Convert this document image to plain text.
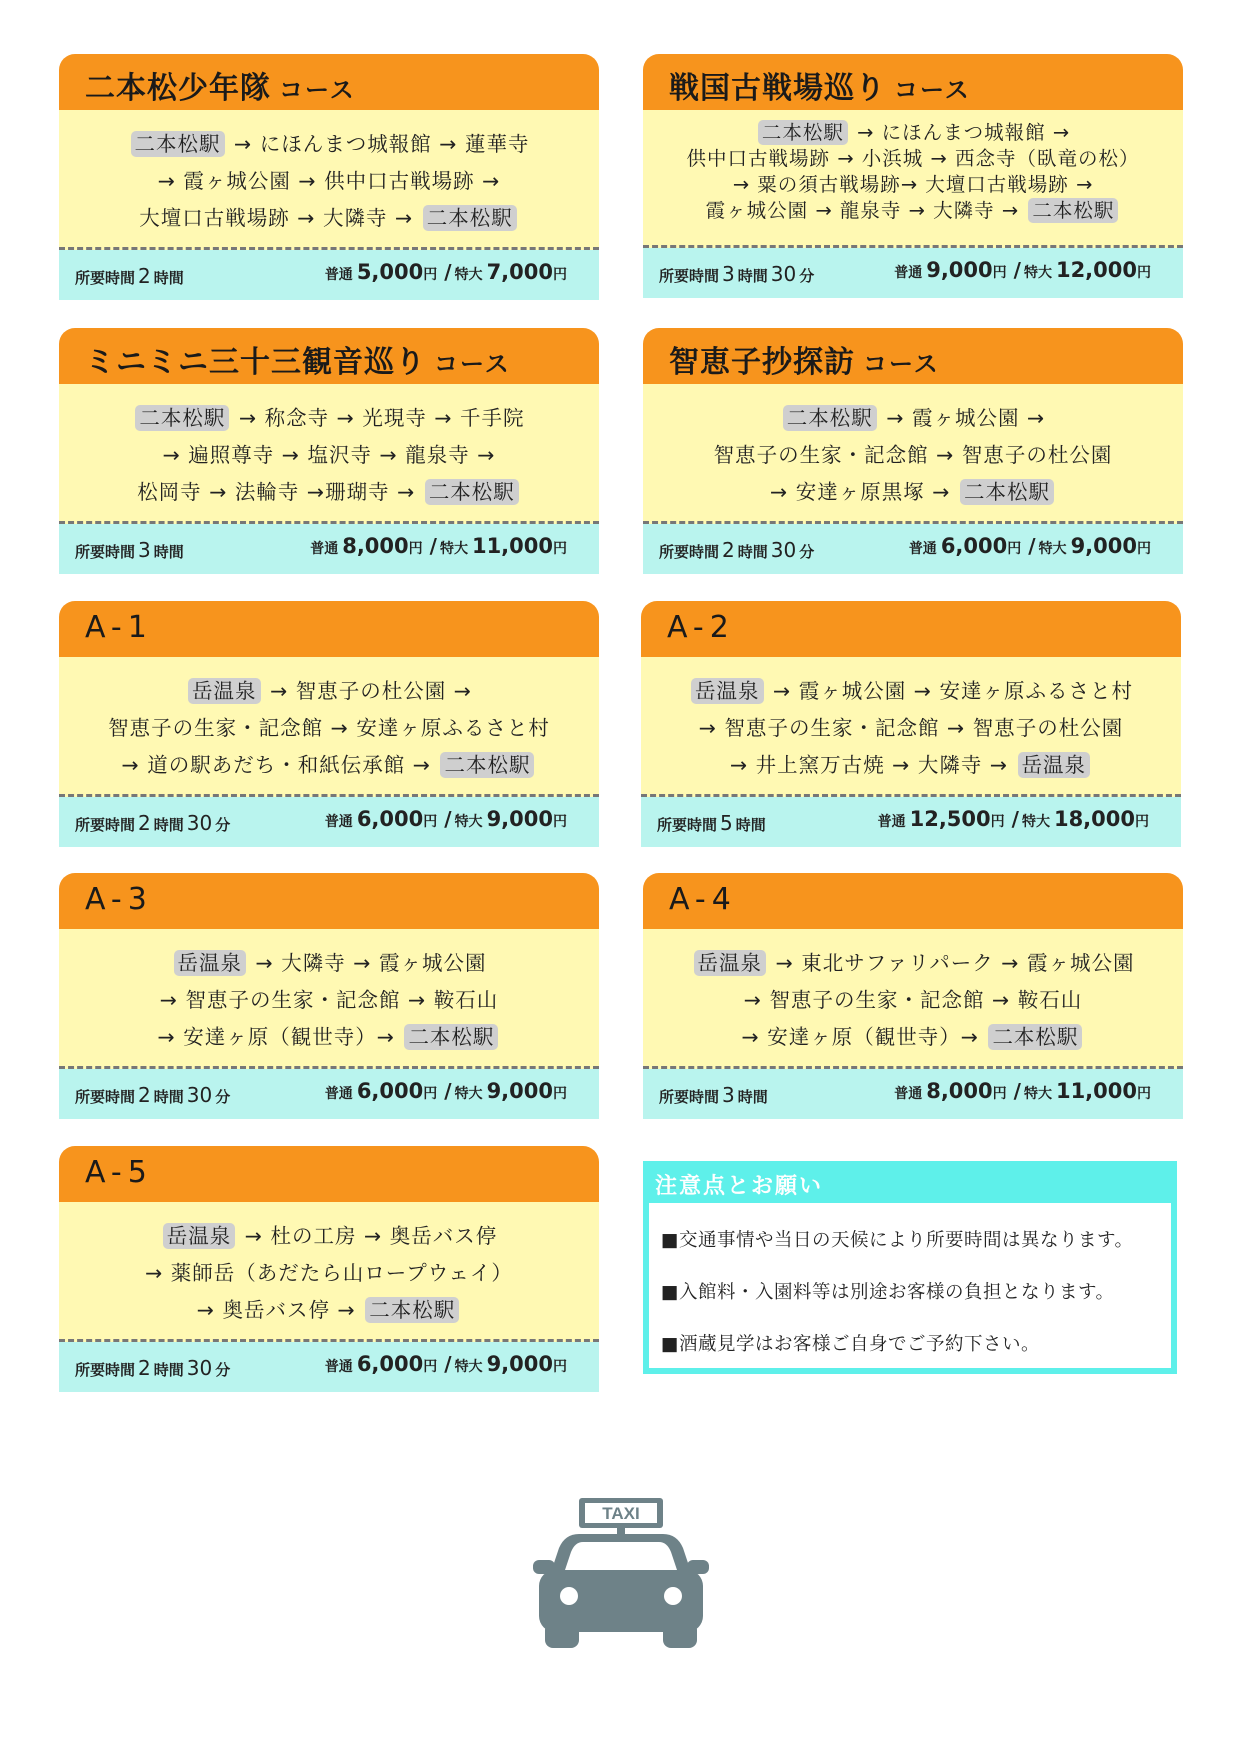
二本松少年隊 コース
二本松駅 → にほんまつ城報館 → 蓮華寺
→ 霞ヶ城公園 → 供中口古戦場跡 →
大壇口古戦場跡 → 大隣寺 → 二本松駅
所要時間 2 時間	普通 5,000円 / 特大 7,000円
戦国古戦場巡り コース
二本松駅 → にほんまつ城報館 →
供中口古戦場跡 → 小浜城 → 西念寺（臥竜の松）
→ 粟の須古戦場跡→ 大壇口古戦場跡 →
霞ヶ城公園 → 龍泉寺 → 大隣寺 → 二本松駅
所要時間 3 時間 30 分	普通 9,000円 / 特大 12,000円
ミニミニ三十三観音巡り コース
二本松駅 → 称念寺 → 光現寺 → 千手院
→ 遍照尊寺 → 塩沢寺 → 龍泉寺 →
松岡寺 → 法輪寺 →珊瑚寺 → 二本松駅
所要時間 3 時間	普通 8,000円 / 特大 11,000円
智恵子抄探訪 コース
二本松駅 → 霞ヶ城公園 →
智恵子の生家・記念館 → 智恵子の杜公園
→ 安達ヶ原黒塚 → 二本松駅
所要時間 2 時間 30 分	普通 6,000円 / 特大 9,000円
A-1
岳温泉 → 智恵子の杜公園 →
智恵子の生家・記念館 → 安達ヶ原ふるさと村
→ 道の駅あだち・和紙伝承館 → 二本松駅
所要時間 2 時間 30 分	普通 6,000円 / 特大 9,000円
A-2
岳温泉 → 霞ヶ城公園 → 安達ヶ原ふるさと村
→ 智恵子の生家・記念館 → 智恵子の杜公園
→ 井上窯万古焼 → 大隣寺 → 岳温泉
所要時間 5 時間	普通 12,500円 / 特大 18,000円
A-3
岳温泉 → 大隣寺 → 霞ヶ城公園
→ 智恵子の生家・記念館 → 鞍石山
→ 安達ヶ原（観世寺）→ 二本松駅
所要時間 2 時間 30 分	普通 6,000円 / 特大 9,000円
A-4
岳温泉 → 東北サファリパーク → 霞ヶ城公園
→ 智恵子の生家・記念館 → 鞍石山
→ 安達ヶ原（観世寺）→ 二本松駅
所要時間 3 時間	普通 8,000円 / 特大 11,000円
A-5
岳温泉 → 杜の工房 → 奥岳バス停
→ 薬師岳（あだたら山ロープウェイ）
→ 奥岳バス停 → 二本松駅
所要時間 2 時間 30 分	普通 6,000円 / 特大 9,000円
注意点とお願い
■交通事情や当日の天候により所要時間は異なります。
■入館料・入園料等は別途お客様の負担となります。
■酒蔵見学はお客様ご自身でご予約下さい。
TAXI
